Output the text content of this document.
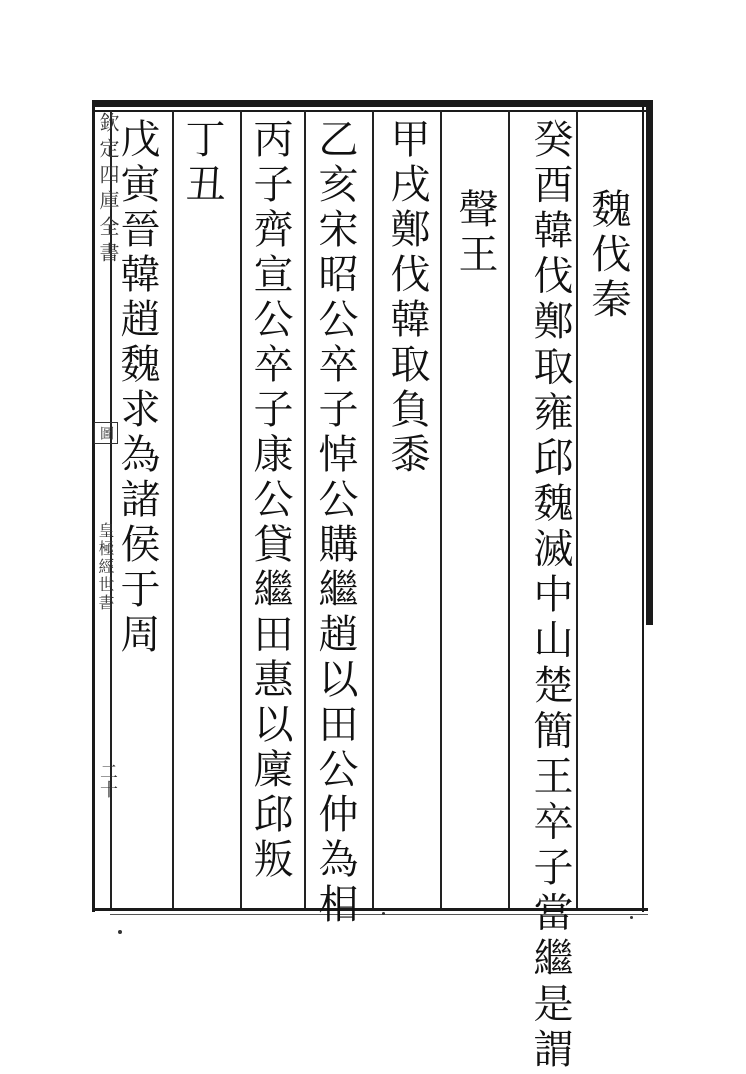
魏伐秦
癸酉韓伐鄭取雍邱魏滅中山楚簡王卒子當繼是謂
聲王
甲戌鄭伐韓取負黍
乙亥宋昭公卒子悼公購繼趙以田公仲為相
丙子齊宣公卒子康公貸繼田惠以廩邱叛
丁丑
戊寅晉韓趙魏求為諸侯于周
欽定四庫全書
圖
皇極經世書
二十
